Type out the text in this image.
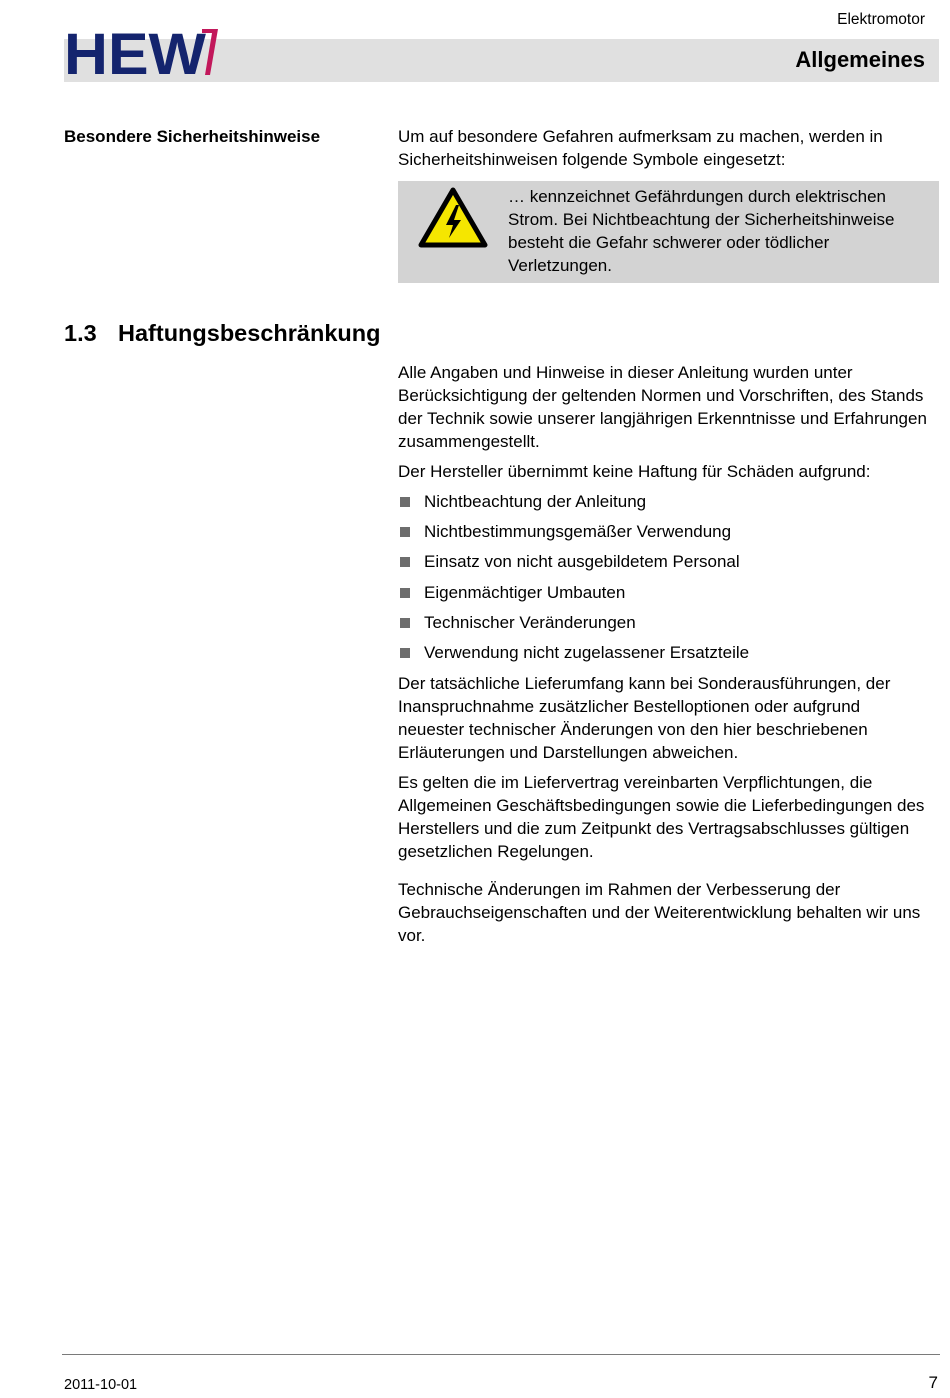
Elektromotor
Allgemeines
HEW
Besondere Sicherheitshinweise	Um auf besondere Gefahren aufmerksam zu machen, werden in Sicherheitshinweisen folgende Symbole eingesetzt:
… kennzeichnet Gefährdungen durch elektrischen Strom. Bei Nichtbeachtung der Sicherheitshinweise besteht die Gefahr schwerer oder tödlicher Verletzungen.
1.3 Haftungsbeschränkung
Alle Angaben und Hinweise in dieser Anleitung wurden unter Berücksichtigung der geltenden Normen und Vorschriften, des Stands der Technik sowie unserer langjährigen Erkenntnisse und Erfahrungen zusammengestellt.
Der Hersteller übernimmt keine Haftung für Schäden aufgrund:
Nichtbeachtung der Anleitung
Nichtbestimmungsgemäßer Verwendung
Einsatz von nicht ausgebildetem Personal
Eigenmächtiger Umbauten
Technischer Veränderungen
Verwendung nicht zugelassener Ersatzteile
Der tatsächliche Lieferumfang kann bei Sonderausführungen, der Inanspruchnahme zusätzlicher Bestelloptionen oder aufgrund neuester technischer Änderungen von den hier beschriebenen Erläuterungen und Darstellungen abweichen.
Es gelten die im Liefervertrag vereinbarten Verpflichtungen, die Allgemeinen Geschäftsbedingungen sowie die Lieferbedingungen des Herstellers und die zum Zeitpunkt des Vertragsabschlusses gültigen gesetzlichen Regelungen.
Technische Änderungen im Rahmen der Verbesserung der Gebrauchseigenschaften und der Weiterentwicklung behalten wir uns vor.
2011-10-01	7
